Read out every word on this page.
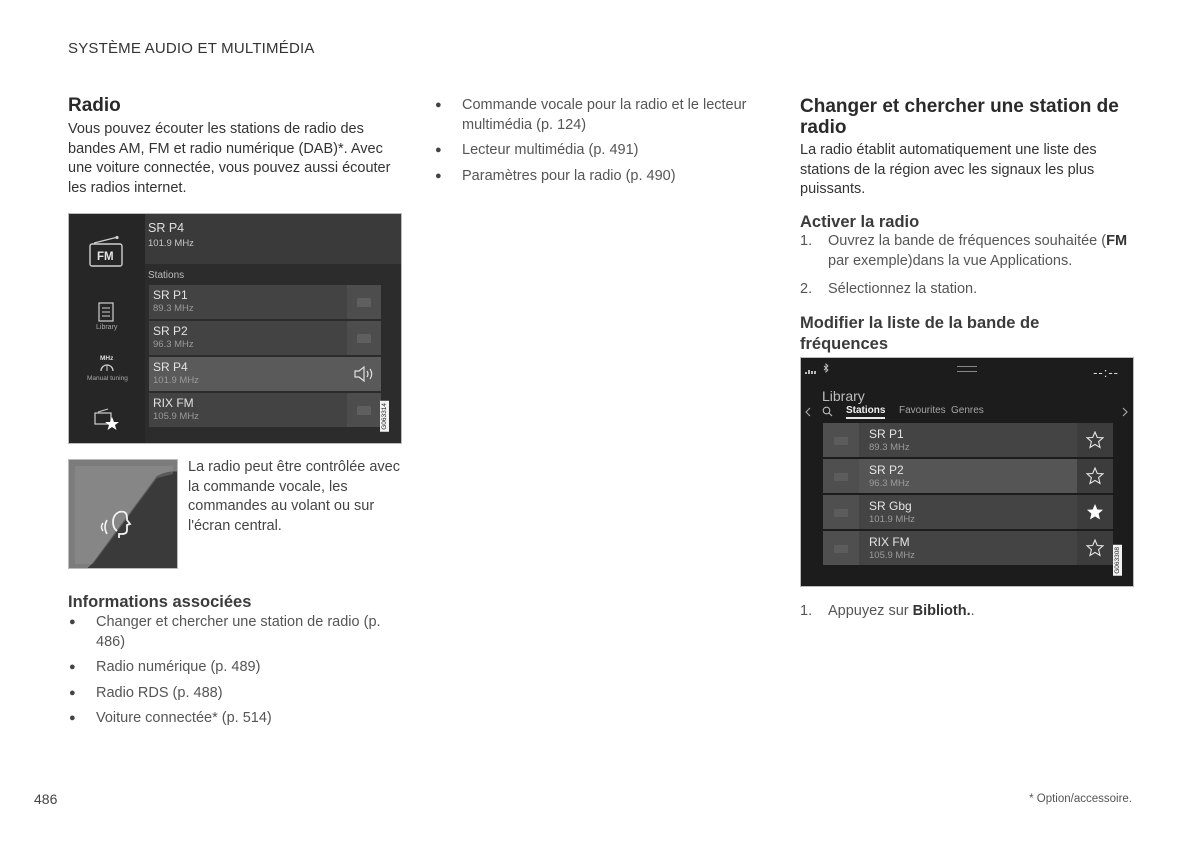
SYSTÈME AUDIO ET MULTIMÉDIA
Radio

Vous pouvez écouter les stations de radio des bandes AM, FM et radio numérique (DAB)*. Avec une voiture connectée, vous pouvez aussi écouter les radios internet.

FM
Library
MHz
Manual tuning
SR P4
101.9 MHz
Stations
SR P1
89.3 MHz
SR P2
96.3 MHz
SR P4
101.9 MHz
RIX FM
105.9 MHz	G063314

La radio peut être contrôlée avec la commande vocale, les commandes au volant ou sur l'écran central.

Informations associées
● Changer et chercher une station de radio (p. 486)
● Radio numérique (p. 489)
● Radio RDS (p. 488)
● Voiture connectée* (p. 514)
● Commande vocale pour la radio et le lecteur multimédia (p. 124)
● Lecteur multimédia (p. 491)
● Paramètres pour la radio (p. 490)
Changer et chercher une station de radio

La radio établit automatiquement une liste des stations de la région avec les signaux les plus puissants.

Activer la radio
1. Ouvrez la bande de fréquences souhaitée (FM par exemple)dans la vue Applications.
2. Sélectionnez la station.
Modifier la liste de la bande de fréquences
--:--
Library
Stations Favourites Genres
SR P1
89.3 MHz
SR P2
96.3 MHz
SR Gbg
101.9 MHz
RIX FM
105.9 MHz	G063308
1. Appuyez sur Biblioth..
486	* Option/accessoire.
